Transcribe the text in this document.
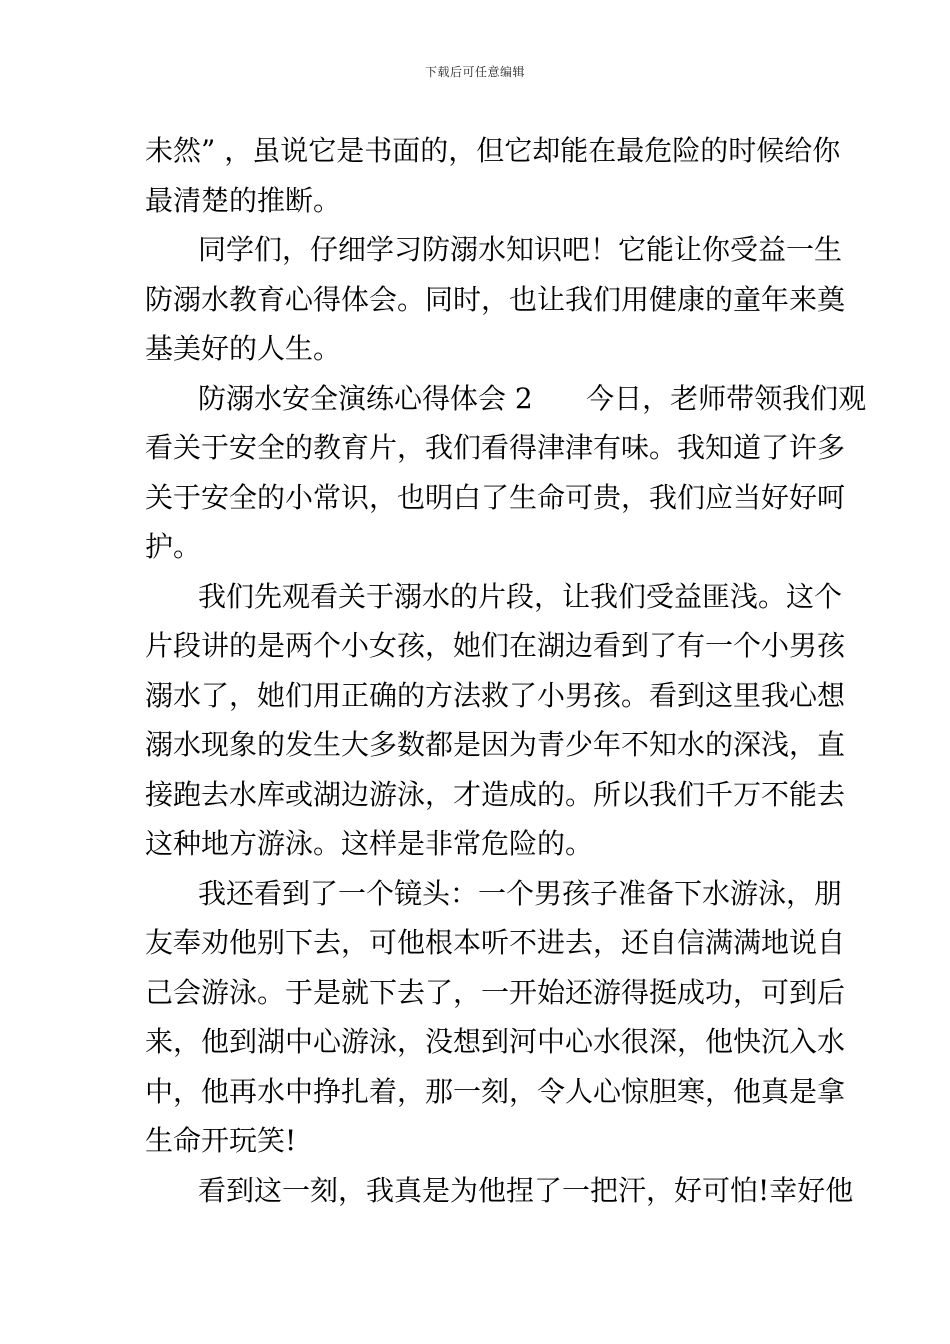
下载后可任意编辑
未然” ，虽说它是书面的，但它却能在最危险的时候给你
最清楚的推断。
同学们，仔细学习防溺水知识吧！它能让你受益一生
防溺水教育心得体会。同时，也让我们用健康的童年来奠
基美好的人生。
防溺水安全演练心得体会 2      今日，老师带领我们观
看关于安全的教育片，我们看得津津有味。我知道了许多
关于安全的小常识，也明白了生命可贵，我们应当好好呵
护。
我们先观看关于溺水的片段，让我们受益匪浅。这个
片段讲的是两个小女孩，她们在湖边看到了有一个小男孩
溺水了，她们用正确的方法救了小男孩。看到这里我心想
溺水现象的发生大多数都是因为青少年不知水的深浅，直
接跑去水库或湖边游泳，才造成的。所以我们千万不能去
这种地方游泳。这样是非常危险的。
我还看到了一个镜头：一个男孩子准备下水游泳，朋
友奉劝他别下去，可他根本听不进去，还自信满满地说自
己会游泳。于是就下去了，一开始还游得挺成功，可到后
来，他到湖中心游泳，没想到河中心水很深，他快沉入水
中，他再水中挣扎着，那一刻，令人心惊胆寒，他真是拿
生命开玩笑!
看到这一刻，我真是为他捏了一把汗，好可怕!幸好他
